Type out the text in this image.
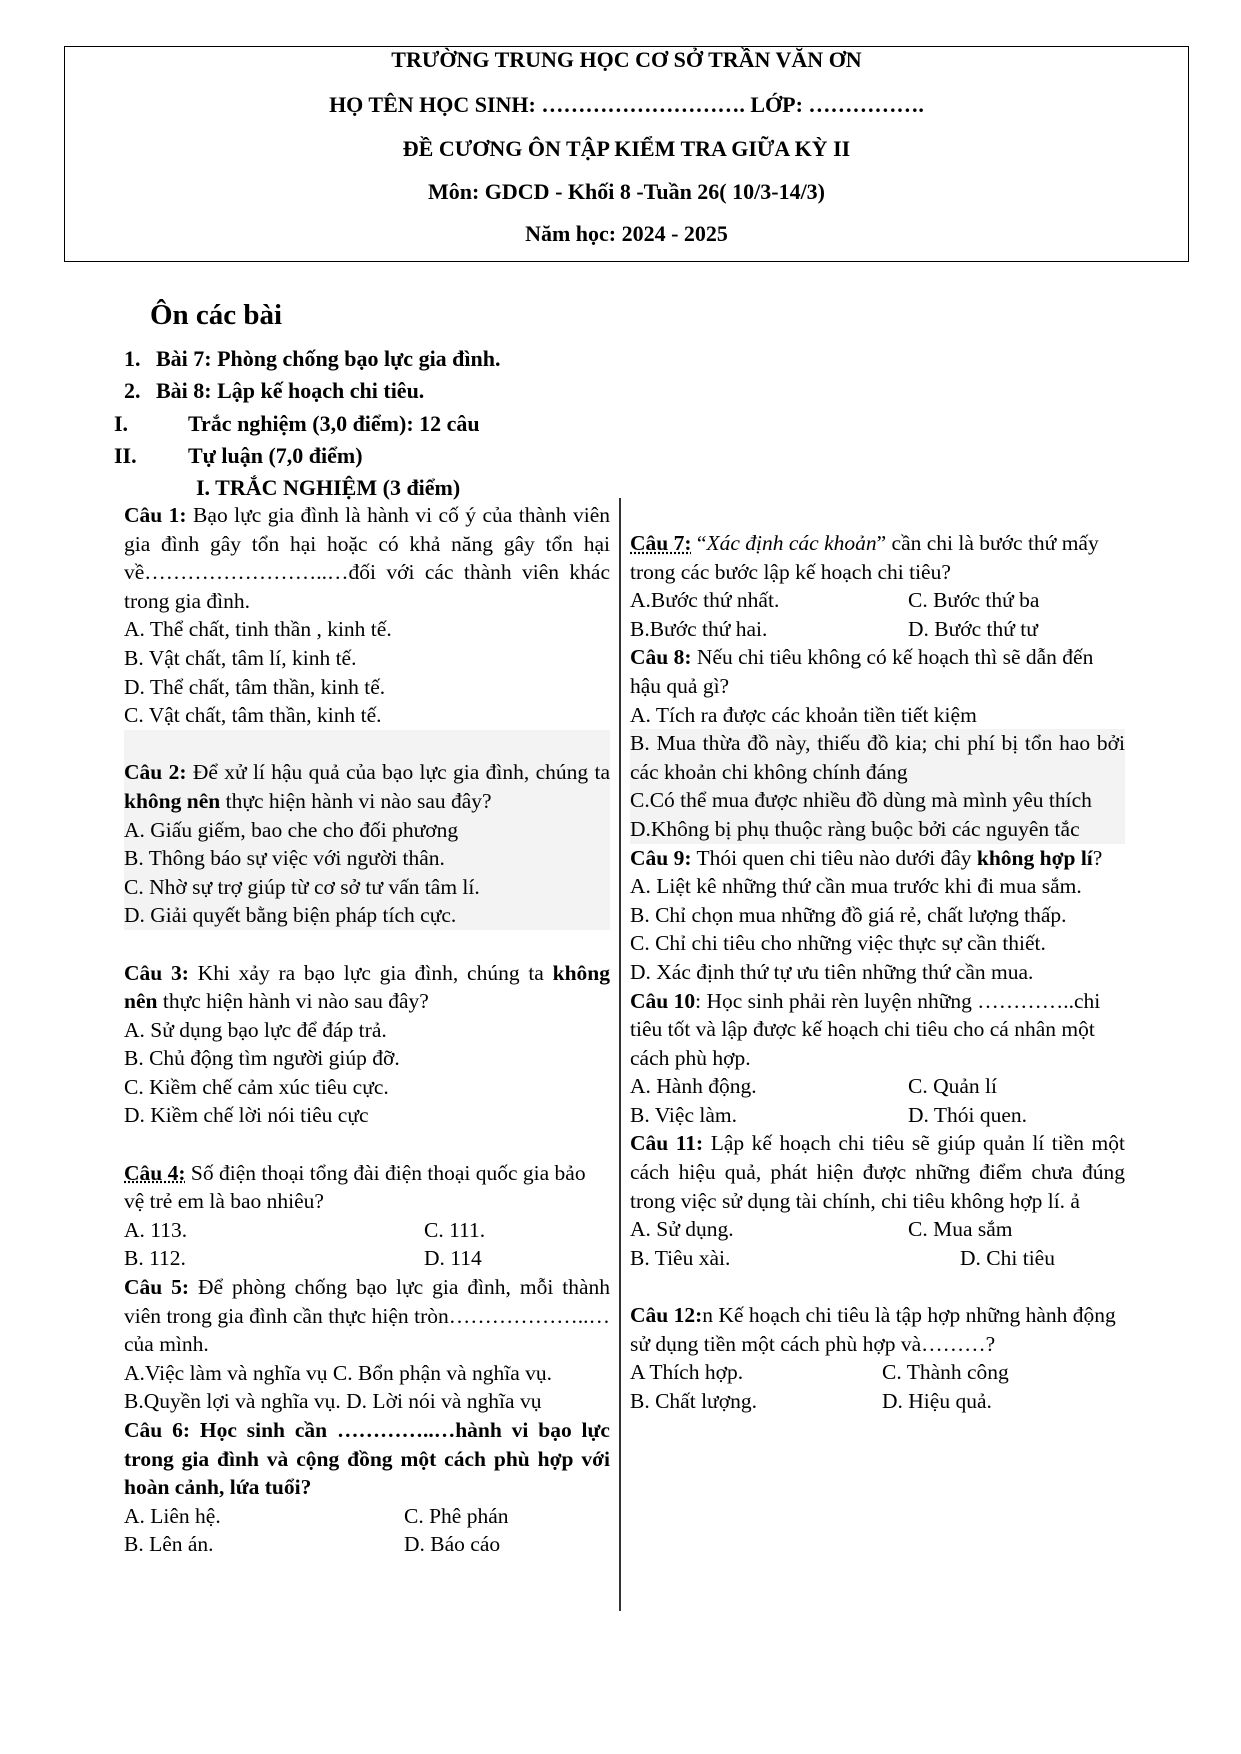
TRƯỜNG TRUNG HỌC CƠ SỞ TRẦN VĂN ƠN
HỌ TÊN HỌC SINH: ………………………. LỚP: …………….
ĐỀ CƯƠNG ÔN TẬP KIỂM TRA GIỮA KỲ II
Môn: GDCD - Khối 8 -Tuần 26( 10/3-14/3)
Năm học: 2024 - 2025
Ôn các bài
1. Bài 7: Phòng chống bạo lực gia đình.
2. Bài 8: Lập kế hoạch chi tiêu.
I.	Trắc nghiệm (3,0 điểm): 12 câu
II. Tự luận (7,0 điểm)
I. TRẮC NGHIỆM (3 điểm)

Câu 1: Bạo lực gia đình là hành vi cố ý của thành viên gia đình gây tổn hại hoặc có khả năng gây tổn hại về……………………..…đối với các thành viên khác trong gia đình.

A. Thể chất, tinh thần , kinh tế.

B. Vật chất, tâm lí, kinh tế.

D. Thể chất, tâm thần, kinh tế.

C. Vật chất, tâm thần, kinh tế.

Câu 2: Để xử lí hậu quả của bạo lực gia đình, chúng ta không nên thực hiện hành vi nào sau đây?

A. Giấu giếm, bao che cho đối phương

B. Thông báo sự việc với người thân.

C. Nhờ sự trợ giúp từ cơ sở tư vấn tâm lí.

D. Giải quyết bằng biện pháp tích cực.

Câu 3: Khi xảy ra bạo lực gia đình, chúng ta không nên thực hiện hành vi nào sau đây?

A. Sử dụng bạo lực để đáp trả.

B. Chủ động tìm người giúp đỡ.

C. Kiềm chế cảm xúc tiêu cực.

D. Kiềm chế lời nói tiêu cực

Câu 4: Số điện thoại tổng đài điện thoại quốc gia bảo vệ trẻ em là bao nhiêu?

A. 113.	C. 111.

B. 112.	D. 114

Câu 5: Để phòng chống bạo lực gia đình, mỗi thành viên trong gia đình cần thực hiện tròn………………..…của mình.

A.Việc làm và nghĩa vụ C. Bổn phận và nghĩa vụ.

B.Quyền lợi và nghĩa vụ. D. Lời nói và nghĩa vụ

Câu 6: Học sinh cần …………..…hành vi bạo lực trong gia đình và cộng đồng một cách phù hợp với hoàn cảnh, lứa tuổi?

A. Liên hệ.	C. Phê phán

B. Lên án.	D. Báo cáo

Câu 7: “Xác định các khoản” cần chi là bước thứ mấy trong các bước lập kế hoạch chi tiêu?

A.Bước thứ nhất.	C. Bước thứ ba

B.Bước thứ hai.	D. Bước thứ tư

Câu 8: Nếu chi tiêu không có kế hoạch thì sẽ dẫn đến hậu quả gì?

A. Tích ra được các khoản tiền tiết kiệm

B. Mua thừa đồ này, thiếu đồ kia; chi phí bị tổn hao bởi các khoản chi không chính đáng

C.Có thể mua được nhiều đồ dùng mà mình yêu thích

D.Không bị phụ thuộc ràng buộc bởi các nguyên tắc

Câu 9: Thói quen chi tiêu nào dưới đây không hợp lí?

A. Liệt kê những thứ cần mua trước khi đi mua sắm.

B. Chỉ chọn mua những đồ giá rẻ, chất lượng thấp.

C. Chỉ chi tiêu cho những việc thực sự cần thiết.

D. Xác định thứ tự ưu tiên những thứ cần mua.

Câu 10: Học sinh phải rèn luyện những …………..chi tiêu tốt và lập được kế hoạch chi tiêu cho cá nhân một cách phù hợp.

A. Hành động.	C. Quản lí

B. Việc làm.	D. Thói quen.

Câu 11: Lập kế hoạch chi tiêu sẽ giúp quản lí tiền một cách hiệu quả, phát hiện được những điểm chưa đúng trong việc sử dụng tài chính, chi tiêu không hợp lí. ả

A. Sử dụng.	C. Mua sắm

B. Tiêu xài.	D. Chi tiêu

Câu 12:n Kế hoạch chi tiêu là tập hợp những hành động sử dụng tiền một cách phù hợp và………?

A Thích hợp.	C. Thành công

B. Chất lượng.	D. Hiệu quả.
